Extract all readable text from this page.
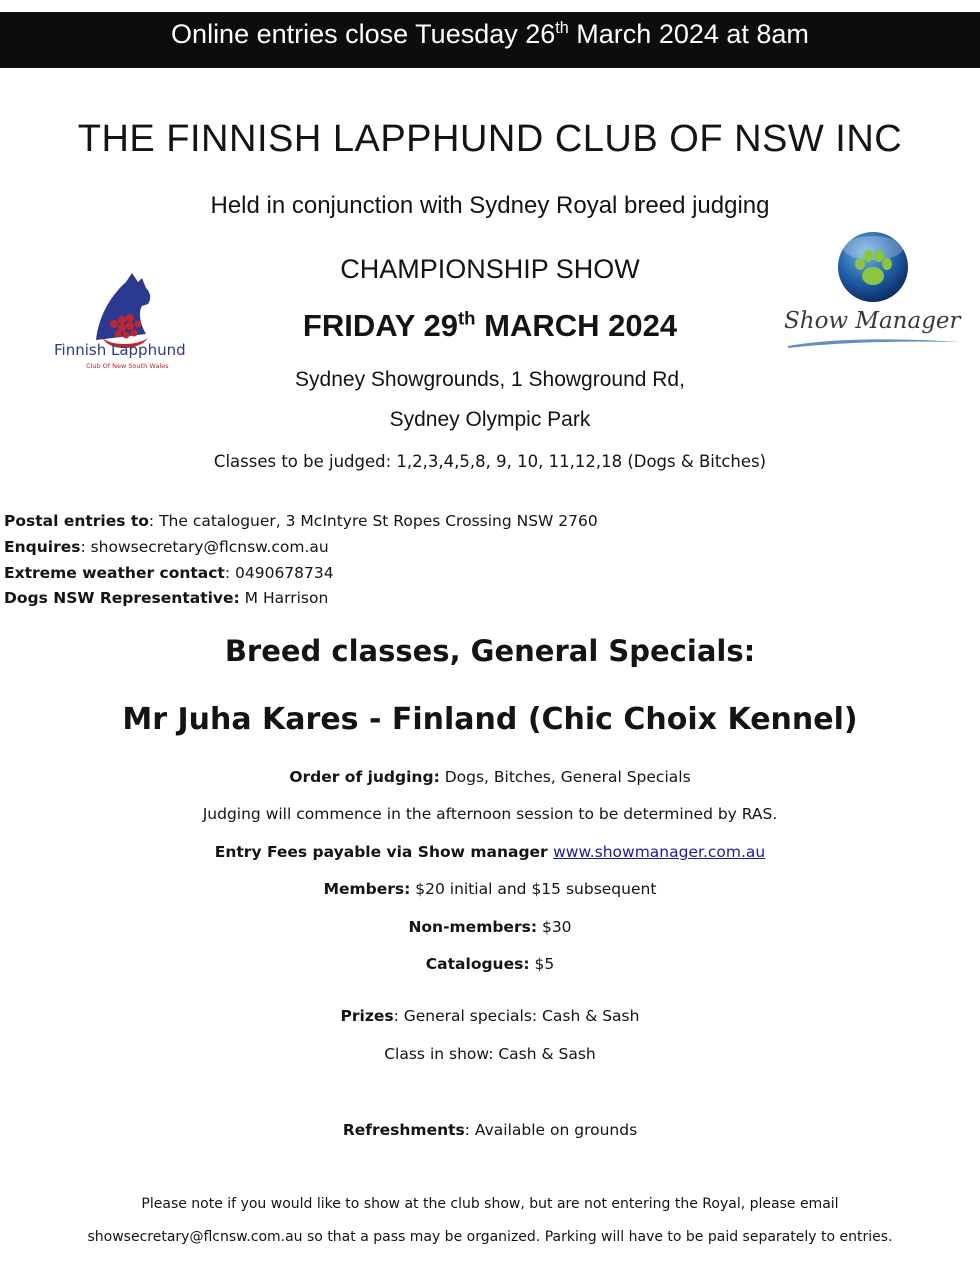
Online entries close Tuesday 26th March 2024 at 8am
THE FINNISH LAPPHUND CLUB OF NSW INC
Held in conjunction with Sydney Royal breed judging
CHAMPIONSHIP SHOW
FRIDAY 29th MARCH 2024
Sydney Showgrounds, 1 Showground Rd,
Sydney Olympic Park
Classes to be judged: 1,2,3,4,5,8, 9, 10, 11,12,18 (Dogs & Bitches)
Finnish Lapphund
Club Of New South Wales
Show Manager
Postal entries to: The cataloguer, 3 McIntyre St Ropes Crossing NSW 2760
Enquires: showsecretary@flcnsw.com.au
Extreme weather contact: 0490678734
Dogs NSW Representative: M Harrison
Breed classes, General Specials:
Mr Juha Kares - Finland (Chic Choix Kennel)
Order of judging: Dogs, Bitches, General Specials
Judging will commence in the afternoon session to be determined by RAS.
Entry Fees payable via Show manager www.showmanager.com.au
Members: $20 initial and $15 subsequent
Non-members: $30
Catalogues: $5
Prizes: General specials: Cash & Sash
Class in show: Cash & Sash
Refreshments: Available on grounds
Please note if you would like to show at the club show, but are not entering the Royal, please email
showsecretary@flcnsw.com.au so that a pass may be organized. Parking will have to be paid separately to entries.
